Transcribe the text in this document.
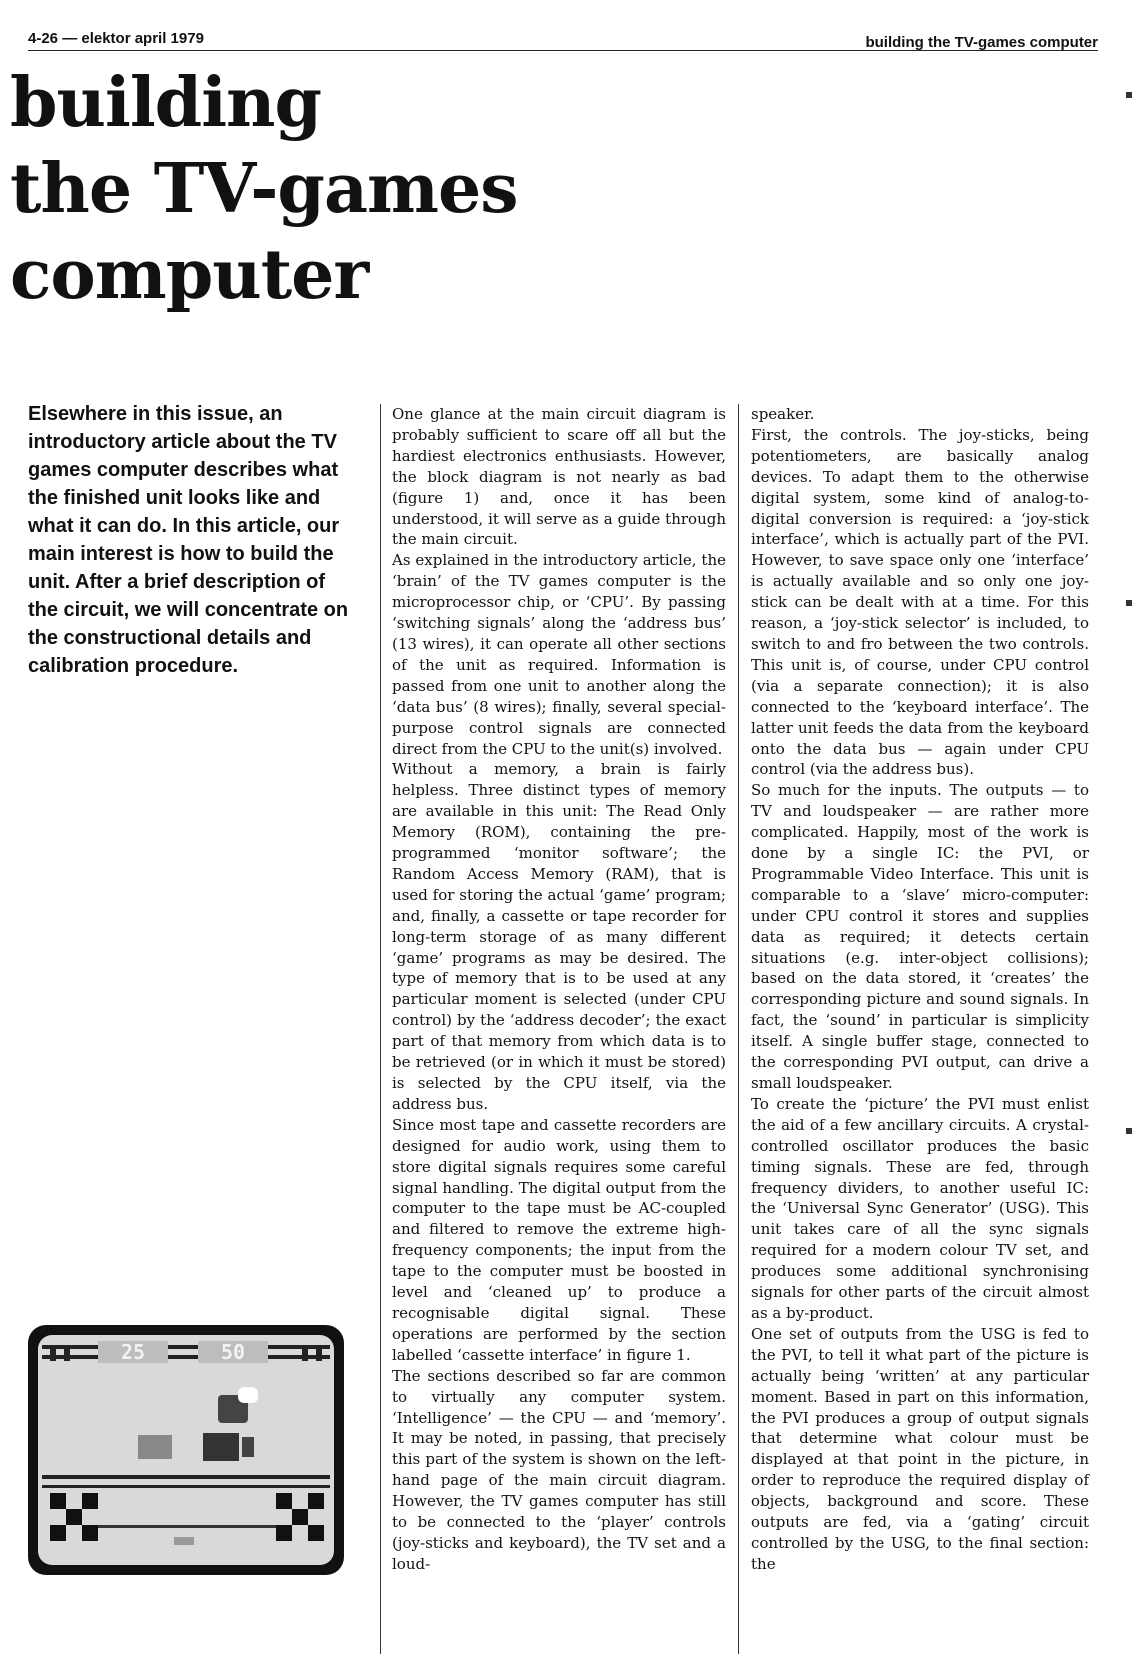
4-26 — elektor april 1979	building the TV-games computer
building
the TV-games
computer

Elsewhere in this issue, an introductory article about the TV games computer describes what the finished unit looks like and what it can do. In this article, our main interest is how to build the unit. After a brief description of the circuit, we will concentrate on the constructional details and calibration procedure.

One glance at the main circuit diagram is probably sufficient to scare off all but the hardiest electronics enthusiasts. However, the block diagram is not nearly as bad (figure 1) and, once it has been understood, it will serve as a guide through the main circuit.

As explained in the introductory article, the ‘brain’ of the TV games computer is the microprocessor chip, or ‘CPU’. By passing ‘switching signals’ along the ‘address bus’ (13 wires), it can operate all other sections of the unit as required. Information is passed from one unit to another along the ‘data bus’ (8 wires); finally, several special-purpose control signals are connected direct from the CPU to the unit(s) involved.

Without a memory, a brain is fairly helpless. Three distinct types of memory are available in this unit: The Read Only Memory (ROM), containing the pre-programmed ‘monitor software’; the Random Access Memory (RAM), that is used for storing the actual ‘game’ program; and, finally, a cassette or tape recorder for long-term storage of as many different ‘game’ programs as may be desired. The type of memory that is to be used at any particular moment is selected (under CPU control) by the ‘address decoder’; the exact part of that memory from which data is to be retrieved (or in which it must be stored) is selected by the CPU itself, via the address bus.

Since most tape and cassette recorders are designed for audio work, using them to store digital signals requires some careful signal handling. The digital output from the computer to the tape must be AC-coupled and filtered to remove the extreme high-frequency components; the input from the tape to the computer must be boosted in level and ‘cleaned up’ to produce a recognisable digital signal. These operations are performed by the section labelled ‘cassette interface’ in figure 1.

The sections described so far are common to virtually any computer system. ‘Intelligence’ — the CPU — and ‘memory’. It may be noted, in passing, that precisely this part of the system is shown on the left-hand page of the main circuit diagram. However, the TV games computer has still to be connected to the ‘player’ controls (joy-sticks and keyboard), the TV set and a loud-

speaker.

First, the controls. The joy-sticks, being potentiometers, are basically analog devices. To adapt them to the otherwise digital system, some kind of analog-to-digital conversion is required: a ‘joy-stick interface’, which is actually part of the PVI. However, to save space only one ‘interface’ is actually available and so only one joy-stick can be dealt with at a time. For this reason, a ‘joy-stick selector’ is included, to switch to and fro between the two controls. This unit is, of course, under CPU control (via a separate connection); it is also connected to the ‘keyboard interface’. The latter unit feeds the data from the keyboard onto the data bus — again under CPU control (via the address bus).

So much for the inputs. The outputs — to TV and loudspeaker — are rather more complicated. Happily, most of the work is done by a single IC: the PVI, or Programmable Video Interface. This unit is comparable to a ‘slave’ micro-computer: under CPU control it stores and supplies data as required; it detects certain situations (e.g. inter-object collisions); based on the data stored, it ‘creates’ the corresponding picture and sound signals. In fact, the ‘sound’ in particular is simplicity itself. A single buffer stage, connected to the corresponding PVI output, can drive a small loudspeaker.

To create the ‘picture’ the PVI must enlist the aid of a few ancillary circuits. A crystal-controlled oscillator produces the basic timing signals. These are fed, through frequency dividers, to another useful IC: the ‘Universal Sync Generator’ (USG). This unit takes care of all the sync signals required for a modern colour TV set, and produces some additional synchronising signals for other parts of the circuit almost as a by-product.

One set of outputs from the USG is fed to the PVI, to tell it what part of the picture is actually being ‘written’ at any particular moment. Based in part on this information, the PVI produces a group of output signals that determine what colour must be displayed at that point in the picture, in order to reproduce the required display of objects, background and score. These outputs are fed, via a ‘gating’ circuit controlled by the USG, to the final section: the

25	50
